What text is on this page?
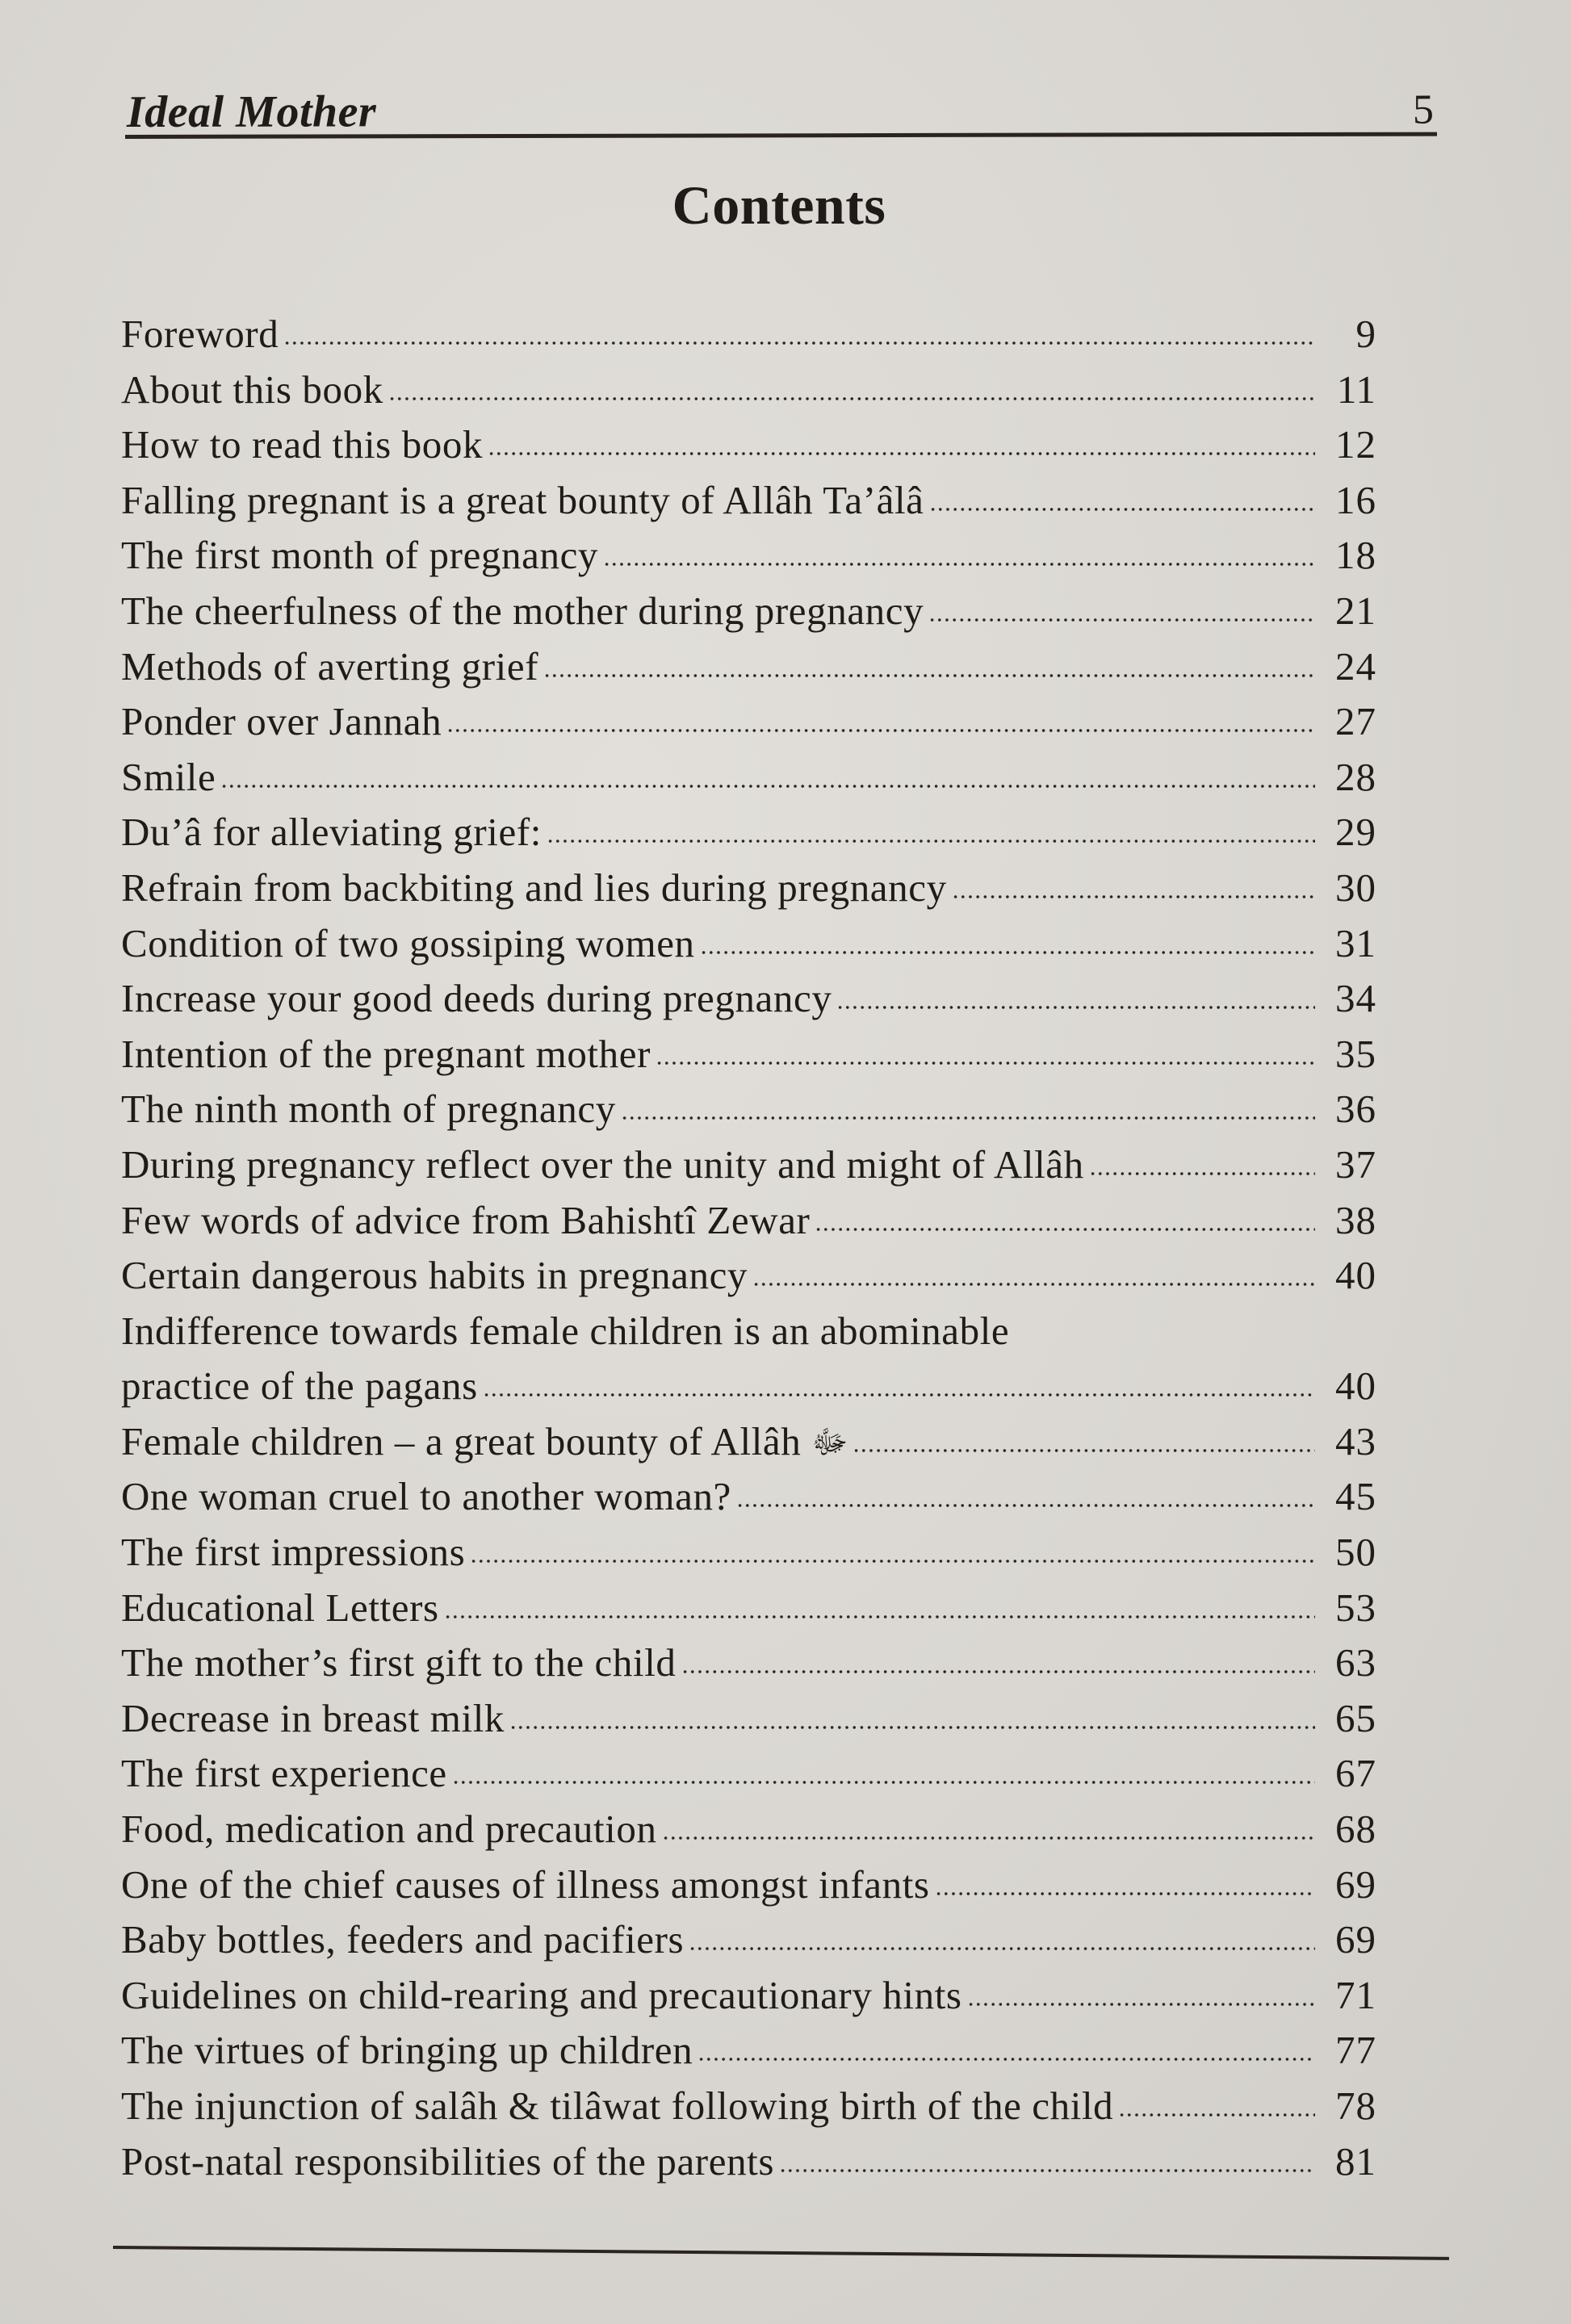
Ideal Mother	5
Contents
Foreword	9
About this book	11
How to read this book	12
Falling pregnant is a great bounty of Allâh Ta’âlâ	16
The first month of pregnancy	18
The cheerfulness of the mother during pregnancy	21
Methods of averting grief	24
Ponder over Jannah	27
Smile	28
Du’â for alleviating grief:	29
Refrain from backbiting and lies during pregnancy	30
Condition of two gossiping women	31
Increase your good deeds during pregnancy	34
Intention of the pregnant mother	35
The ninth month of pregnancy	36
During pregnancy reflect over the unity and might of Allâh	37
Few words of advice from Bahishtî Zewar	38
Certain dangerous habits in pregnancy	40
Indifference towards female children is an abominable
practice of the pagans	40
Female children – a great bounty of Allâh ﷻ	43
One woman cruel to another woman?	45
The first impressions	50
Educational Letters	53
The mother’s first gift to the child	63
Decrease in breast milk	65
The first experience	67
Food, medication and precaution	68
One of the chief causes of illness amongst infants	69
Baby bottles, feeders and pacifiers	69
Guidelines on child-rearing and precautionary hints	71
The virtues of bringing up children	77
The injunction of salâh & tilâwat following birth of the child	78
Post-natal responsibilities of the parents	81
